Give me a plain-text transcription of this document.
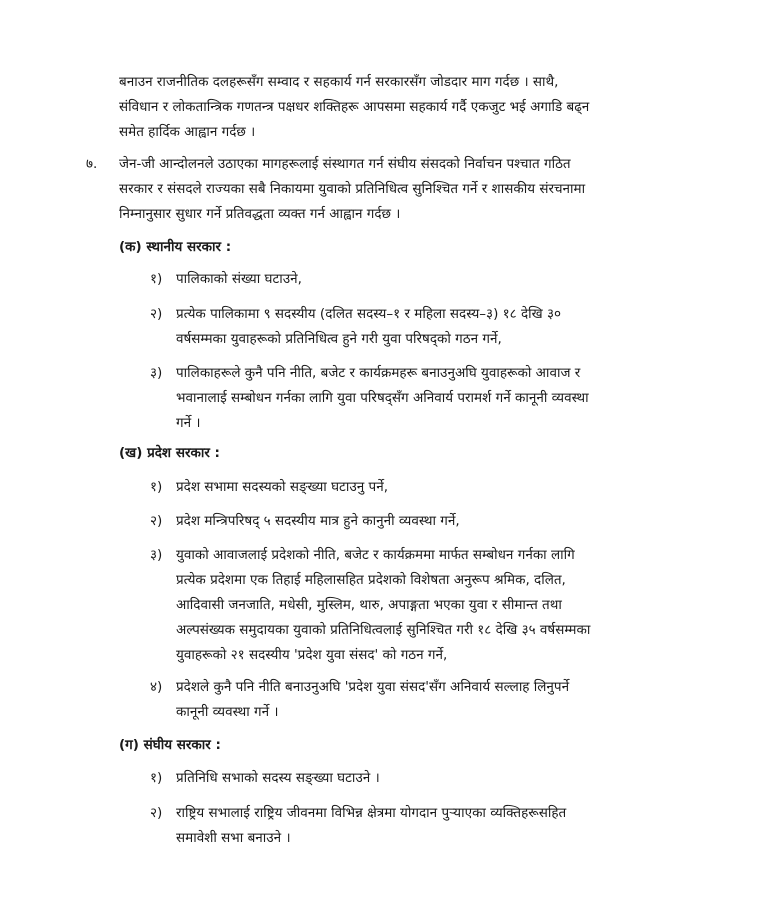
बनाउन राजनीतिक दलहरूसँग सम्वाद र सहकार्य गर्न सरकारसँग जोडदार माग गर्दछ । साथै,
संविधान र लोकतान्त्रिक गणतन्त्र पक्षधर शक्तिहरू आपसमा सहकार्य गर्दै एकजुट भई अगाडि बढ्न
समेत हार्दिक आह्वान गर्दछ ।
७. जेन-जी आन्दोलनले उठाएका मागहरूलाई संस्थागत गर्न संघीय संसदको निर्वाचन पश्चात गठित
सरकार र संसदले राज्यका सबै निकायमा युवाको प्रतिनिधित्व सुनिश्चित गर्ने र शासकीय संरचनामा
निम्नानुसार सुधार गर्ने प्रतिवद्धता व्यक्त गर्न आह्वान गर्दछ ।
(क) स्थानीय सरकार :
१) पालिकाको संख्या घटाउने,
२) प्रत्येक पालिकामा ९ सदस्यीय (दलित सदस्य–१ र महिला सदस्य–३) १८ देखि ३०
वर्षसम्मका युवाहरूको प्रतिनिधित्व हुने गरी युवा परिषद्को गठन गर्ने,
३) पालिकाहरूले कुनै पनि नीति, बजेट र कार्यक्रमहरू बनाउनुअघि युवाहरूको आवाज र
भवानालाई सम्बोधन गर्नका लागि युवा परिषद्सँग अनिवार्य परामर्श गर्ने कानूनी व्यवस्था
गर्ने ।
(ख) प्रदेश सरकार :
१) प्रदेश सभामा सदस्यको सङ्ख्या घटाउनु पर्ने,
२) प्रदेश मन्त्रिपरिषद् ५ सदस्यीय मात्र हुने कानुनी व्यवस्था गर्ने,
३) युवाको आवाजलाई प्रदेशको नीति, बजेट र कार्यक्रममा मार्फत सम्बोधन गर्नका लागि
प्रत्येक प्रदेशमा एक तिहाई महिलासहित प्रदेशको विशेषता अनुरूप श्रमिक, दलित,
आदिवासी जनजाति, मधेसी, मुस्लिम, थारु, अपाङ्गता भएका युवा र सीमान्त तथा
अल्पसंख्यक समुदायका युवाको प्रतिनिधित्वलाई सुनिश्चित गरी १८ देखि ३५ वर्षसम्मका
युवाहरूको २१ सदस्यीय 'प्रदेश युवा संसद' को गठन गर्ने,
४) प्रदेशले कुनै पनि नीति बनाउनुअघि 'प्रदेश युवा संसद'सँग अनिवार्य सल्लाह लिनुपर्ने
कानूनी व्यवस्था गर्ने ।
(ग) संघीय सरकार :
१) प्रतिनिधि सभाको सदस्य सङ्ख्या घटाउने ।
२) राष्ट्रिय सभालाई राष्ट्रिय जीवनमा विभिन्न क्षेत्रमा योगदान पुऱ्याएका व्यक्तिहरूसहित
समावेशी सभा बनाउने ।
